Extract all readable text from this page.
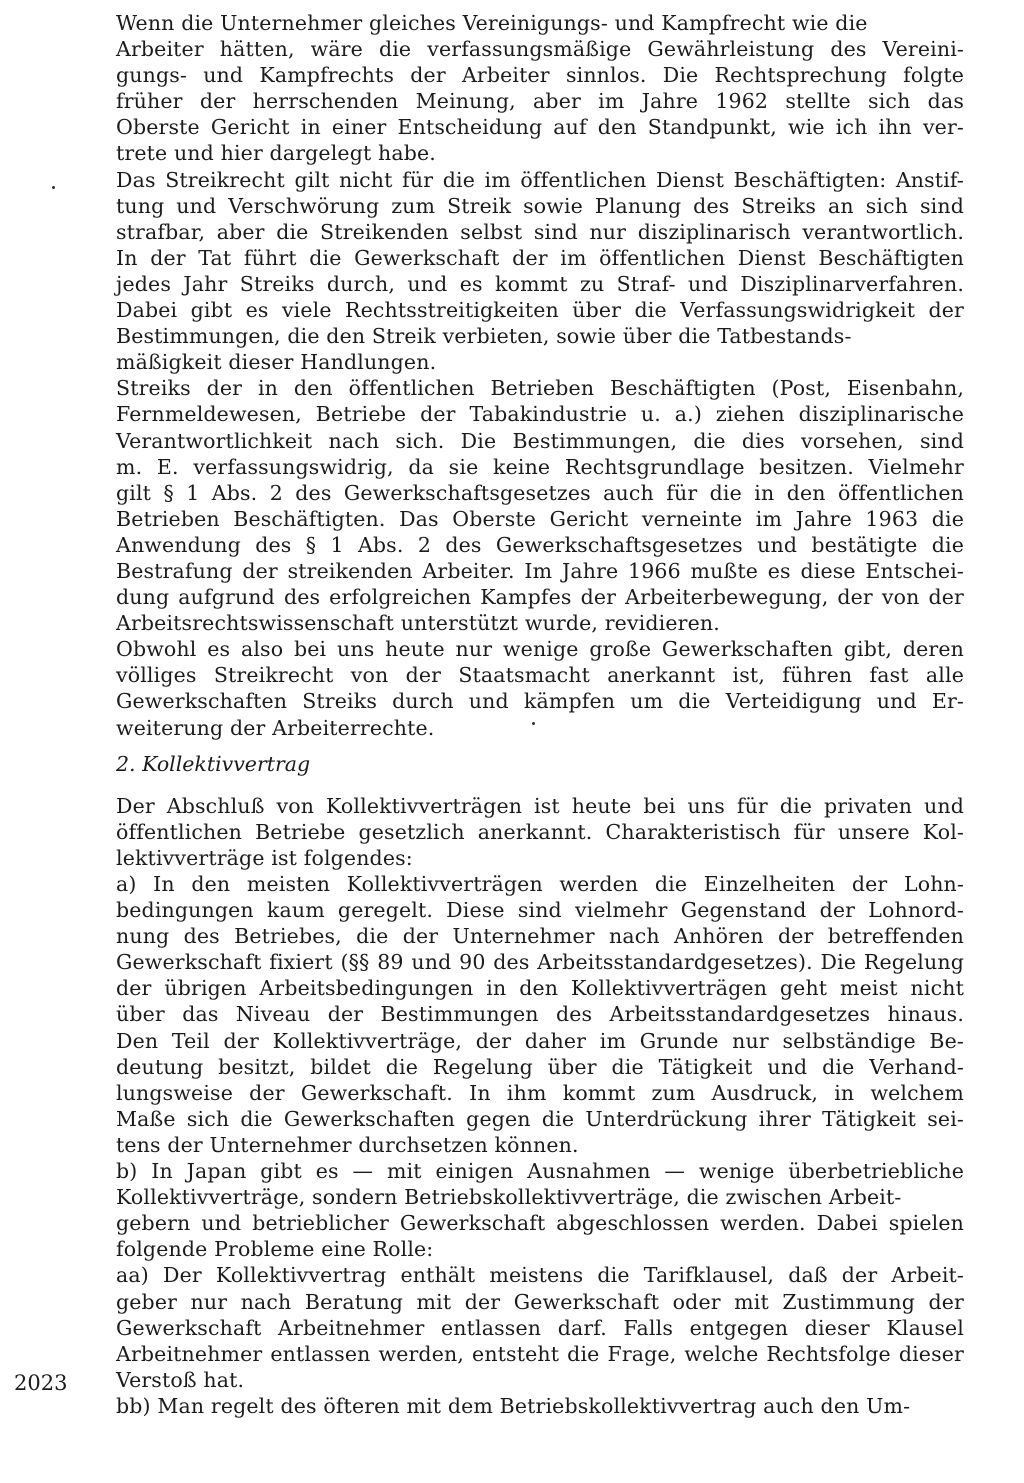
Wenn die Unternehmer gleiches Vereinigungs- und Kampfrecht wie die
Arbeiter hätten, wäre die verfassungsmäßige Gewährleistung des Vereini-
gungs- und Kampfrechts der Arbeiter sinnlos. Die Rechtsprechung folgte
früher der herrschenden Meinung, aber im Jahre 1962 stellte sich das
Oberste Gericht in einer Entscheidung auf den Standpunkt, wie ich ihn ver-
trete und hier dargelegt habe.
Das Streikrecht gilt nicht für die im öffentlichen Dienst Beschäftigten: Anstif-
tung und Verschwörung zum Streik sowie Planung des Streiks an sich sind
strafbar, aber die Streikenden selbst sind nur disziplinarisch verantwortlich.
In der Tat führt die Gewerkschaft der im öffentlichen Dienst Beschäftigten
jedes Jahr Streiks durch, und es kommt zu Straf- und Disziplinarverfahren.
Dabei gibt es viele Rechtsstreitigkeiten über die Verfassungswidrigkeit der
Bestimmungen, die den Streik verbieten, sowie über die Tatbestands-
mäßigkeit dieser Handlungen.
Streiks der in den öffentlichen Betrieben Beschäftigten (Post, Eisenbahn,
Fernmeldewesen, Betriebe der Tabakindustrie u. a.) ziehen disziplinarische
Verantwortlichkeit nach sich. Die Bestimmungen, die dies vorsehen, sind
m. E. verfassungswidrig, da sie keine Rechtsgrundlage besitzen. Vielmehr
gilt § 1 Abs. 2 des Gewerkschaftsgesetzes auch für die in den öffentlichen
Betrieben Beschäftigten. Das Oberste Gericht verneinte im Jahre 1963 die
Anwendung des § 1 Abs. 2 des Gewerkschaftsgesetzes und bestätigte die
Bestrafung der streikenden Arbeiter. Im Jahre 1966 mußte es diese Entschei-
dung aufgrund des erfolgreichen Kampfes der Arbeiterbewegung, der von der
Arbeitsrechtswissenschaft unterstützt wurde, revidieren.
Obwohl es also bei uns heute nur wenige große Gewerkschaften gibt, deren
völliges Streikrecht von der Staatsmacht anerkannt ist, führen fast alle
Gewerkschaften Streiks durch und kämpfen um die Verteidigung und Er-
weiterung der Arbeiterrechte.
2. Kollektivvertrag
Der Abschluß von Kollektivverträgen ist heute bei uns für die privaten und
öffentlichen Betriebe gesetzlich anerkannt. Charakteristisch für unsere Kol-
lektivverträge ist folgendes:
a) In den meisten Kollektivverträgen werden die Einzelheiten der Lohn-
bedingungen kaum geregelt. Diese sind vielmehr Gegenstand der Lohnord-
nung des Betriebes, die der Unternehmer nach Anhören der betreffenden
Gewerkschaft fixiert (§§ 89 und 90 des Arbeitsstandardgesetzes). Die Regelung
der übrigen Arbeitsbedingungen in den Kollektivverträgen geht meist nicht
über das Niveau der Bestimmungen des Arbeitsstandardgesetzes hinaus.
Den Teil der Kollektivverträge, der daher im Grunde nur selbständige Be-
deutung besitzt, bildet die Regelung über die Tätigkeit und die Verhand-
lungsweise der Gewerkschaft. In ihm kommt zum Ausdruck, in welchem
Maße sich die Gewerkschaften gegen die Unterdrückung ihrer Tätigkeit sei-
tens der Unternehmer durchsetzen können.
b) In Japan gibt es — mit einigen Ausnahmen — wenige überbetriebliche
Kollektivverträge, sondern Betriebskollektivverträge, die zwischen Arbeit-
gebern und betrieblicher Gewerkschaft abgeschlossen werden. Dabei spielen
folgende Probleme eine Rolle:
aa) Der Kollektivvertrag enthält meistens die Tarifklausel, daß der Arbeit-
geber nur nach Beratung mit der Gewerkschaft oder mit Zustimmung der
Gewerkschaft Arbeitnehmer entlassen darf. Falls entgegen dieser Klausel
Arbeitnehmer entlassen werden, entsteht die Frage, welche Rechtsfolge dieser
Verstoß hat.
bb) Man regelt des öfteren mit dem Betriebskollektivvertrag auch den Um-
2023
